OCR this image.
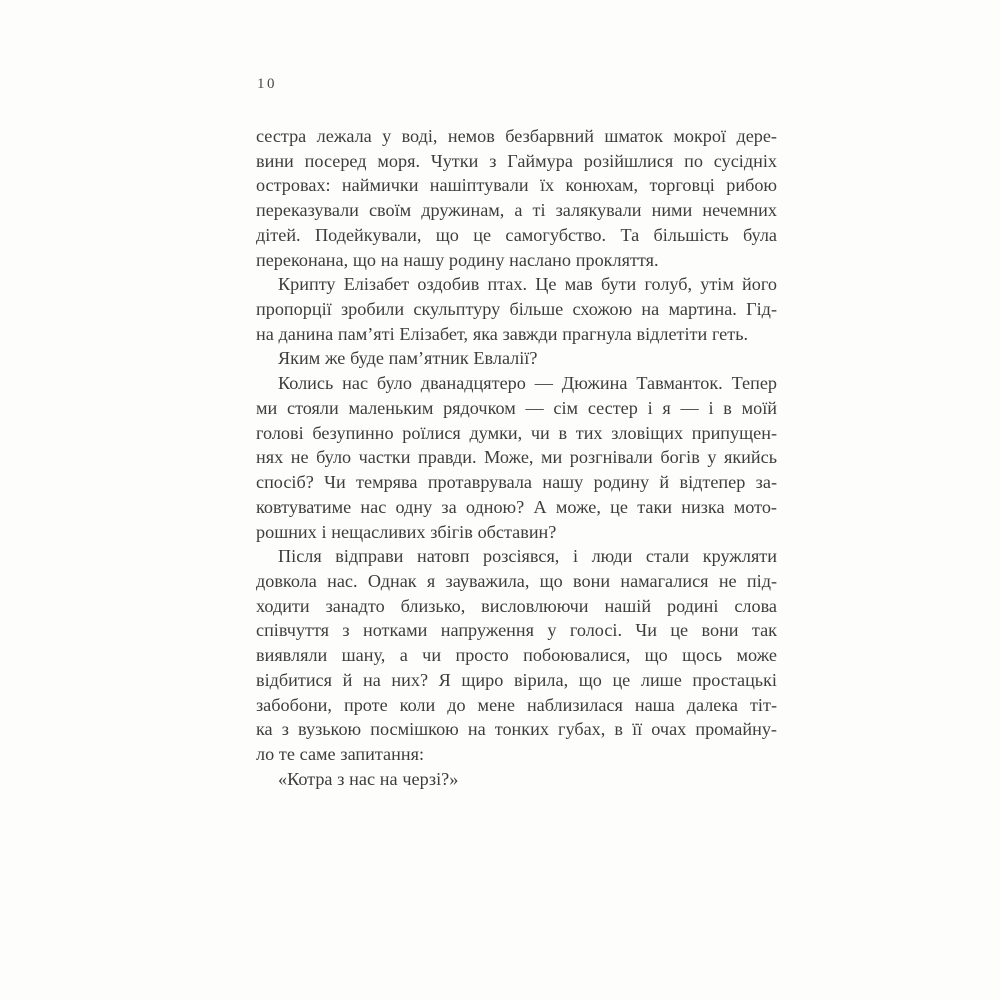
10
сестра лежала у воді, немов безбарвний шматок мокрої дере-
вини посеред моря. Чутки з Гаймура розійшлися по сусідніх
островах: наймички нашіптували їх конюхам, торговці рибою
переказували своїм дружинам, а ті залякували ними нечемних
дітей. Подейкували, що це самогубство. Та більшість була
переконана, що на нашу родину наслано прокляття.
Крипту Елізабет оздобив птах. Це мав бути голуб, утім його
пропорції зробили скульптуру більше схожою на мартина. Гід-
на данина пам’яті Елізабет, яка завжди прагнула відлетіти геть.
Яким же буде пам’ятник Евлалії?
Колись нас було дванадцятеро — Дюжина Тавманток. Тепер
ми стояли маленьким рядочком — сім сестер і я — і в моїй
голові безупинно роїлися думки, чи в тих зловіщих припущен-
нях не було частки правди. Може, ми розгнівали богів у якийсь
спосіб? Чи темрява протаврувала нашу родину й відтепер за-
ковтуватиме нас одну за одною? А може, це таки низка мото-
рошних і нещасливих збігів обставин?
Після відправи натовп розсіявся, і люди стали кружляти
довкола нас. Однак я зауважила, що вони намагалися не під-
ходити занадто близько, висловлюючи нашій родині слова
співчуття з нотками напруження у голосі. Чи це вони так
виявляли шану, а чи просто побоювалися, що щось може
відбитися й на них? Я щиро вірила, що це лише простацькі
забобони, проте коли до мене наблизилася наша далека тіт-
ка з вузькою посмішкою на тонких губах, в її очах промайну-
ло те саме запитання:
«Котра з нас на черзі?»
